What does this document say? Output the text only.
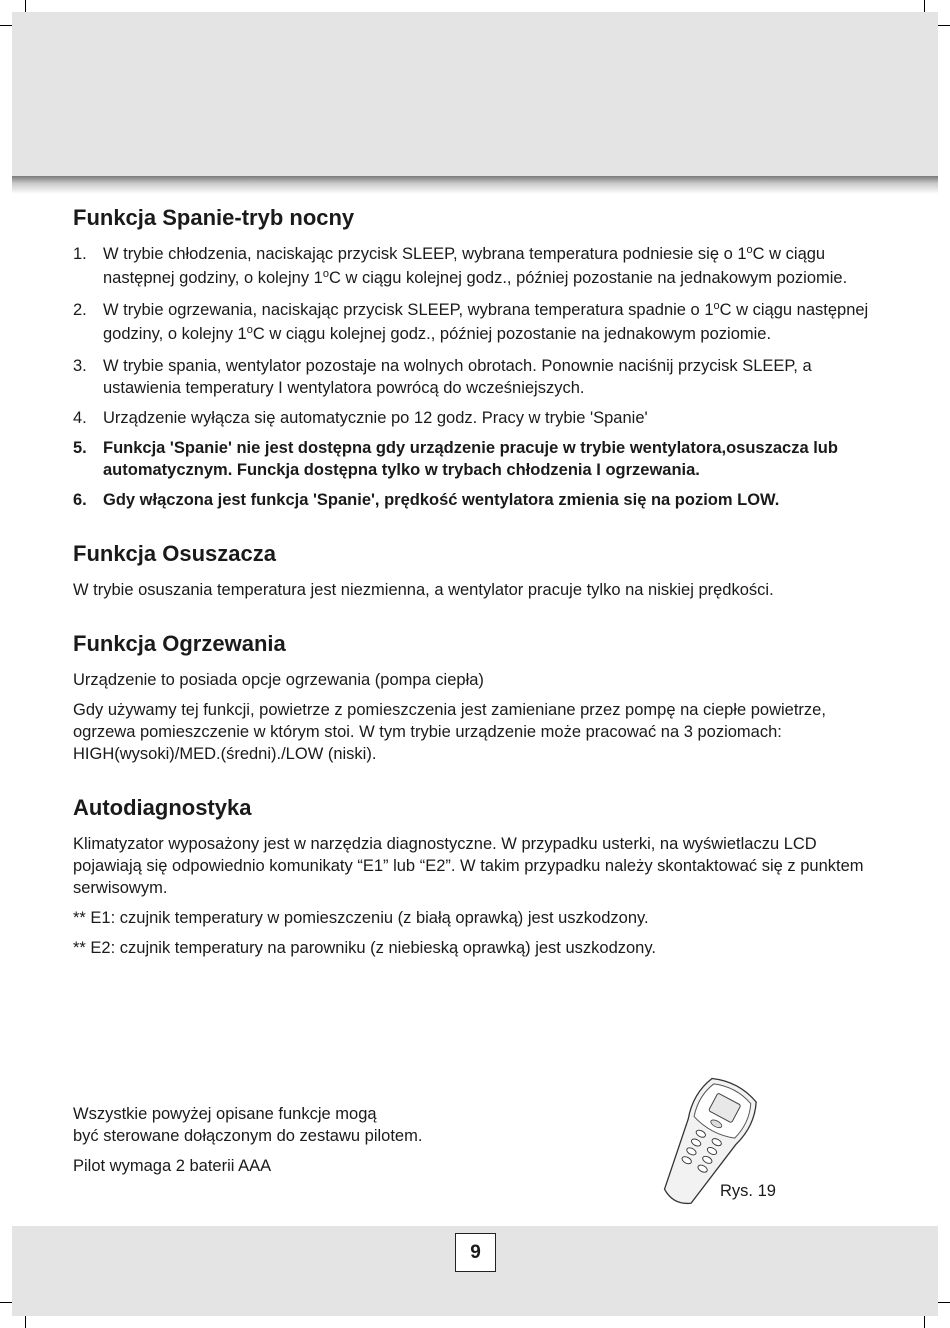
Funkcja Spanie-tryb nocny
1. W trybie chłodzenia, naciskając przycisk SLEEP, wybrana temperatura podniesie się o 1$^o$C w ciągu następnej godziny, o kolejny 1$^o$C w ciągu kolejnej godz., później pozostanie na jednakowym poziomie.
2. W trybie ogrzewania, naciskając przycisk SLEEP, wybrana temperatura spadnie o 1$^o$C w ciągu następnej godziny, o kolejny 1$^o$C w ciągu kolejnej godz., później pozostanie na jednakowym poziomie.
3. W trybie spania, wentylator pozostaje na wolnych obrotach. Ponownie naciśnij przycisk SLEEP, a ustawienia temperatury I wentylatora powrócą do wcześniejszych.
4. Urządzenie wyłącza się automatycznie po 12 godz. Pracy w trybie 'Spanie'
5. Funkcja 'Spanie' nie jest dostępna gdy urządzenie pracuje w trybie wentylatora,osuszacza lub automatycznym. Funckja dostępna tylko w trybach chłodzenia I ogrzewania.
6. Gdy włączona jest funkcja 'Spanie', prędkość wentylatora zmienia się na poziom LOW.
Funkcja Osuszacza

W trybie osuszania temperatura jest niezmienna, a wentylator pracuje tylko na niskiej prędkości.

Funkcja Ogrzewania

Urządzenie to posiada opcje ogrzewania (pompa ciepła)

Gdy używamy tej funkcji, powietrze z pomieszczenia jest zamieniane przez pompę na ciepłe powietrze, ogrzewa pomieszczenie w którym stoi. W tym trybie urządzenie może pracować na 3 poziomach: HIGH(wysoki)/MED.(średni)./LOW (niski).

Autodiagnostyka

Klimatyzator wyposażony jest w narzędzia diagnostyczne. W przypadku usterki, na wyświetlaczu LCD pojawiają się odpowiednio komunikaty “E1” lub “E2”. W takim przypadku należy skontaktować się z punktem serwisowym.

** E1: czujnik temperatury w pomieszczeniu (z białą oprawką) jest uszkodzony.

** E2: czujnik temperatury na parowniku (z niebieską oprawką) jest uszkodzony.

Wszystkie powyżej opisane funkcje mogą

być sterowane dołączonym do zestawu pilotem.

Pilot wymaga 2 baterii AAA

Rys. 19
9
